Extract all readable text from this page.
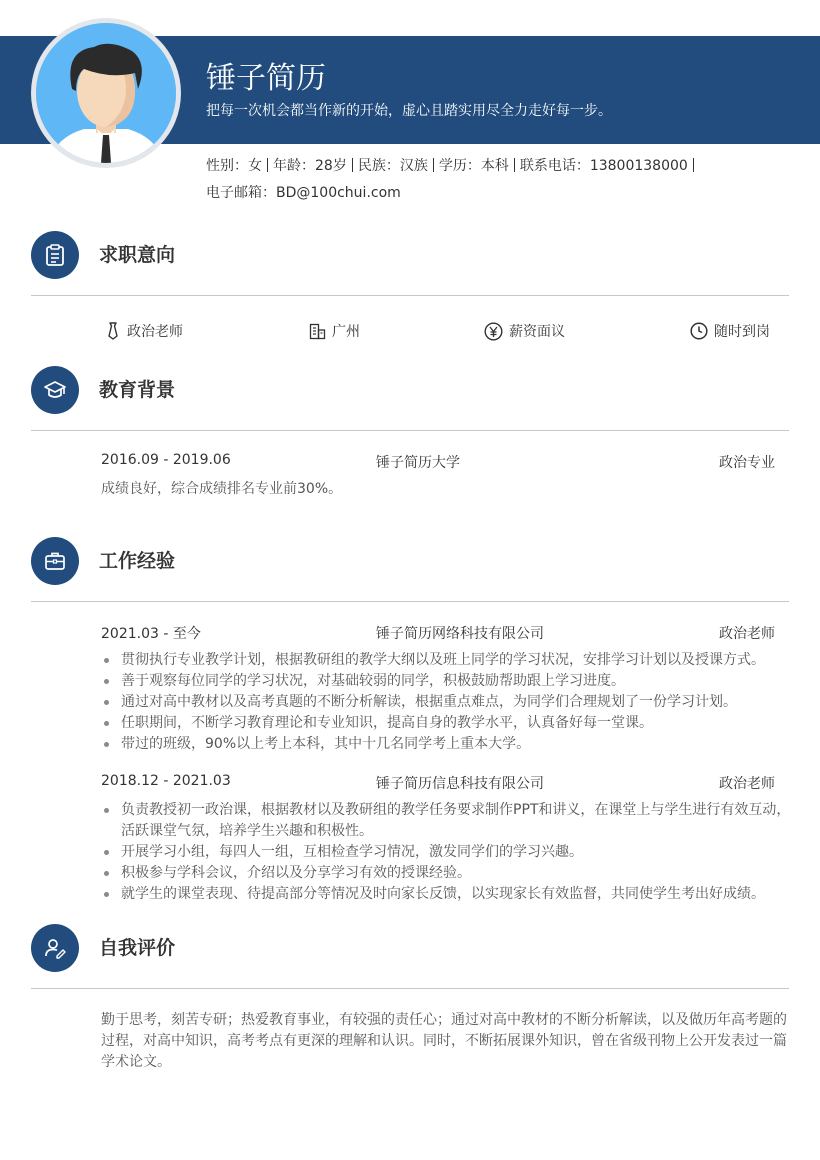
锤子简历
把每一次机会都当作新的开始，虚心且踏实用尽全力走好每一步。
性别：女 年龄：28岁 民族：汉族 学历：本科 联系电话：13800138000
电子邮箱：BD@100chui.com
求职意向
政治老师	广州	薪资面议	随时到岗
教育背景
2016.09 - 2019.06	锤子简历大学	政治专业
成绩良好，综合成绩排名专业前30%。
工作经验
2021.03 - 至今	锤子简历网络科技有限公司	政治老师
贯彻执行专业教学计划，根据教研组的教学大纲以及班上同学的学习状况，安排学习计划以及授课方式。
善于观察每位同学的学习状况，对基础较弱的同学，积极鼓励帮助跟上学习进度。
通过对高中教材以及高考真题的不断分析解读，根据重点难点，为同学们合理规划了一份学习计划。
任职期间，不断学习教育理论和专业知识，提高自身的教学水平，认真备好每一堂课。
带过的班级，90%以上考上本科，其中十几名同学考上重本大学。
2018.12 - 2021.03	锤子简历信息科技有限公司	政治老师
负责教授初一政治课，根据教材以及教研组的教学任务要求制作PPT和讲义，在课堂上与学生进行有效互动，活跃课堂气氛，培养学生兴趣和积极性。
开展学习小组，每四人一组，互相检查学习情况，激发同学们的学习兴趣。
积极参与学科会议，介绍以及分享学习有效的授课经验。
就学生的课堂表现、待提高部分等情况及时向家长反馈，以实现家长有效监督，共同使学生考出好成绩。
自我评价
勤于思考，刻苦专研；热爱教育事业，有较强的责任心；通过对高中教材的不断分析解读，以及做历年高考题的过程，对高中知识，高考考点有更深的理解和认识。同时，不断拓展课外知识，曾在省级刊物上公开发表过一篇学术论文。
